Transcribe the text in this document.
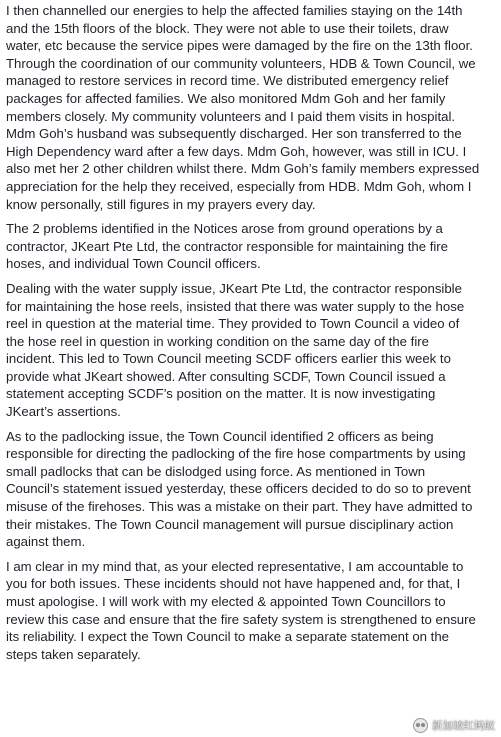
I then channelled our energies to help the affected families staying on the 14th and the 15th floors of the block. They were not able to use their toilets, draw water, etc because the service pipes were damaged by the fire on the 13th floor. Through the coordination of our community volunteers, HDB & Town Council, we managed to restore services in record time. We distributed emergency relief packages for affected families. We also monitored Mdm Goh and her family members closely. My community volunteers and I paid them visits in hospital. Mdm Goh’s husband was subsequently discharged. Her son transferred to the High Dependency ward after a few days. Mdm Goh, however, was still in ICU. I also met her 2 other children whilst there. Mdm Goh’s family members expressed appreciation for the help they received, especially from HDB. Mdm Goh, whom I know personally, still figures in my prayers every day.

The 2 problems identified in the Notices arose from ground operations by a contractor, JKeart Pte Ltd, the contractor responsible for maintaining the fire hoses, and individual Town Council officers.

Dealing with the water supply issue, JKeart Pte Ltd, the contractor responsible for maintaining the hose reels, insisted that there was water supply to the hose reel in question at the material time. They provided to Town Council a video of the hose reel in question in working condition on the same day of the fire incident. This led to Town Council meeting SCDF officers earlier this week to provide what JKeart showed. After consulting SCDF, Town Council issued a statement accepting SCDF’s position on the matter. It is now investigating JKeart’s assertions.

As to the padlocking issue, the Town Council identified 2 officers as being responsible for directing the padlocking of the fire hose compartments by using small padlocks that can be dislodged using force. As mentioned in Town Council’s statement issued yesterday, these officers decided to do so to prevent misuse of the firehoses. This was a mistake on their part. They have admitted to their mistakes. The Town Council management will pursue disciplinary action against them.

I am clear in my mind that, as your elected representative, I am accountable to you for both issues. These incidents should not have happened and, for that, I must apologise. I will work with my elected & appointed Town Councillors to review this case and ensure that the fire safety system is strengthened to ensure its reliability. I expect the Town Council to make a separate statement on the steps taken separately.

新加坡红蚂蚁
